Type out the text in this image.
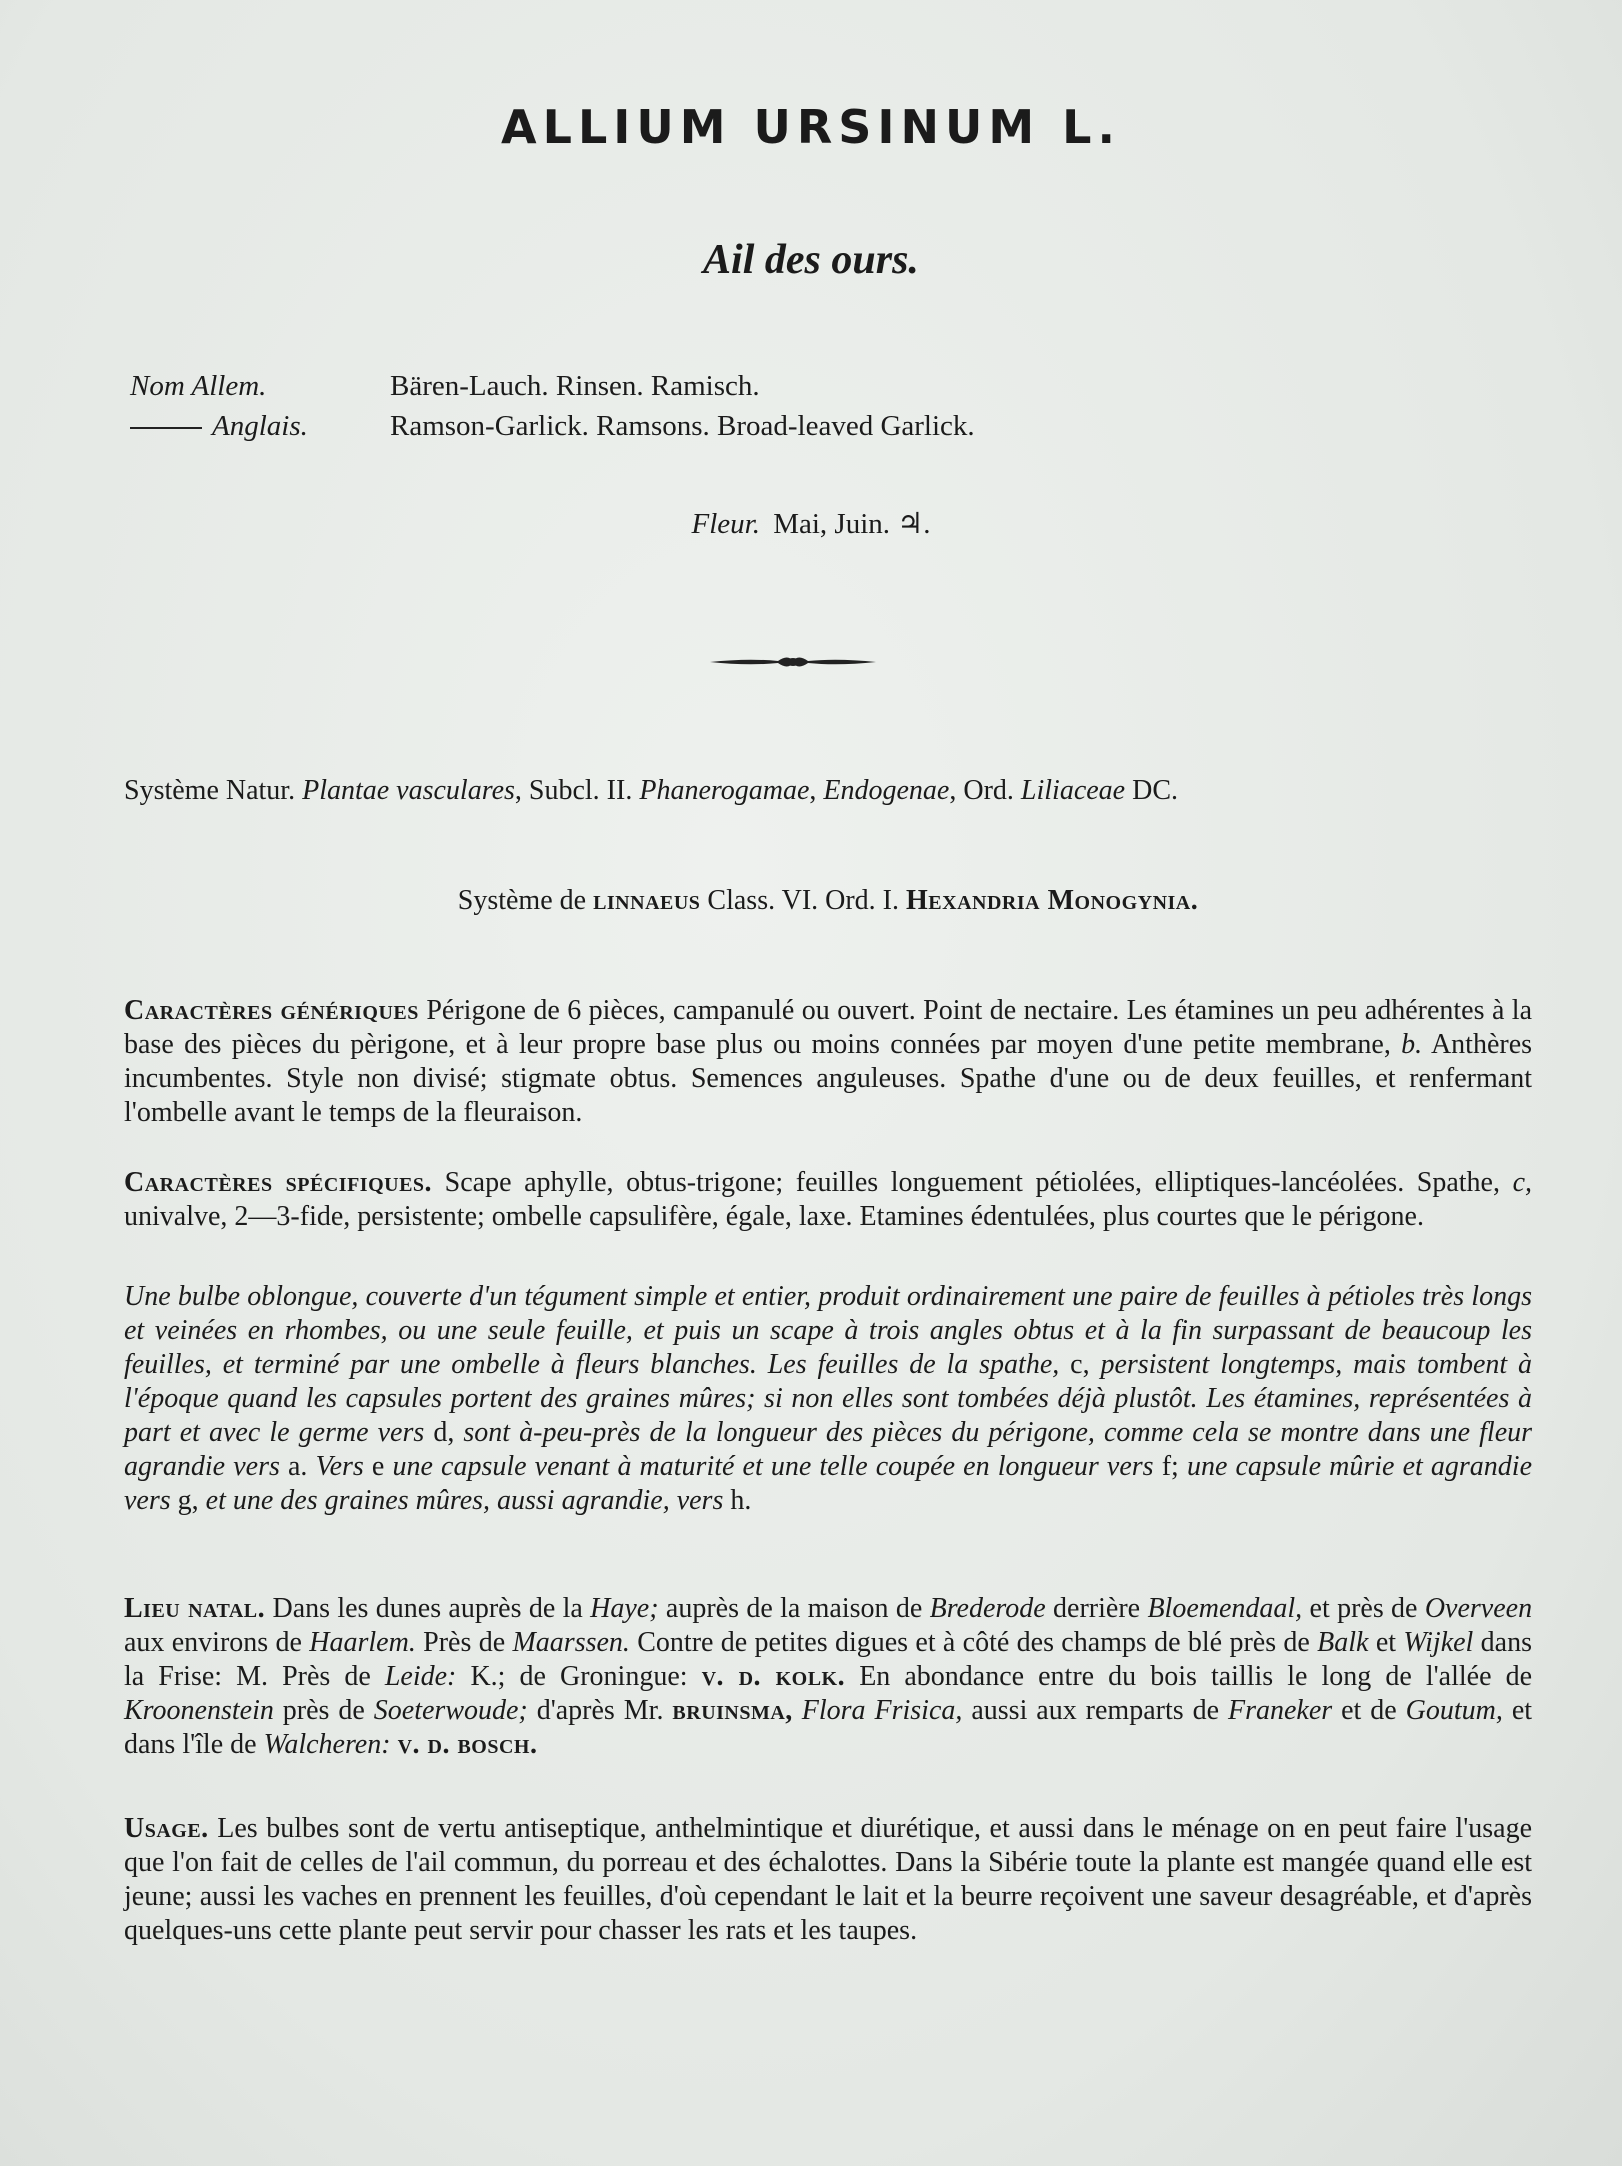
ALLIUM URSINUM L.
Ail des ours.
Nom Allem.	Bären-Lauch. Rinsen. Ramisch.
Anglais.	Ramson-Garlick. Ramsons. Broad-leaved Garlick.
Fleur. Mai, Juin. ♃.

Système Natur. Plantae vasculares, Subcl. II. Phanerogamae, Endogenae, Ord. Liliaceae DC.

Système de linnaeus Class. VI. Ord. I. Hexandria Monogynia.

Caractères génériques Périgone de 6 pièces, campanulé ou ouvert. Point de nectaire. Les étamines un peu adhérentes à la base des pièces du pèrigone, et à leur propre base plus ou moins connées par moyen d'une petite membrane, b. Anthères incumbentes. Style non divisé; stigmate obtus. Semences anguleuses. Spathe d'une ou de deux feuilles, et renfermant l'ombelle avant le temps de la fleuraison.

Caractères spécifiques. Scape aphylle, obtus-trigone; feuilles longuement pétiolées, elliptiques-lancéolées. Spathe, c, univalve, 2—3-fide, persistente; ombelle capsulifère, égale, laxe. Etamines édentulées, plus courtes que le périgone.

Une bulbe oblongue, couverte d'un tégument simple et entier, produit ordinairement une paire de feuilles à pétioles très longs et veinées en rhombes, ou une seule feuille, et puis un scape à trois angles obtus et à la fin surpassant de beaucoup les feuilles, et terminé par une ombelle à fleurs blanches. Les feuilles de la spathe, c, persistent longtemps, mais tombent à l'époque quand les capsules portent des graines mûres; si non elles sont tombées déjà plustôt. Les étamines, représentées à part et avec le germe vers d, sont à-peu-près de la longueur des pièces du périgone, comme cela se montre dans une fleur agrandie vers a. Vers e une capsule venant à maturité et une telle coupée en longueur vers f; une capsule mûrie et agrandie vers g, et une des graines mûres, aussi agrandie, vers h.

Lieu natal. Dans les dunes auprès de la Haye; auprès de la maison de Brederode derrière Bloemendaal, et près de Overveen aux environs de Haarlem. Près de Maarssen. Contre de petites digues et à côté des champs de blé près de Balk et Wijkel dans la Frise: M. Près de Leide: K.; de Groningue: v. d. kolk. En abondance entre du bois taillis le long de l'allée de Kroonenstein près de Soeterwoude; d'après Mr. bruinsma, Flora Frisica, aussi aux remparts de Franeker et de Goutum, et dans l'île de Walcheren: v. d. bosch.

Usage. Les bulbes sont de vertu antiseptique, anthelmintique et diurétique, et aussi dans le ménage on en peut faire l'usage que l'on fait de celles de l'ail commun, du porreau et des échalottes. Dans la Sibérie toute la plante est mangée quand elle est jeune; aussi les vaches en prennent les feuilles, d'où cependant le lait et la beurre reçoivent une saveur desagréable, et d'après quelques-uns cette plante peut servir pour chasser les rats et les taupes.
